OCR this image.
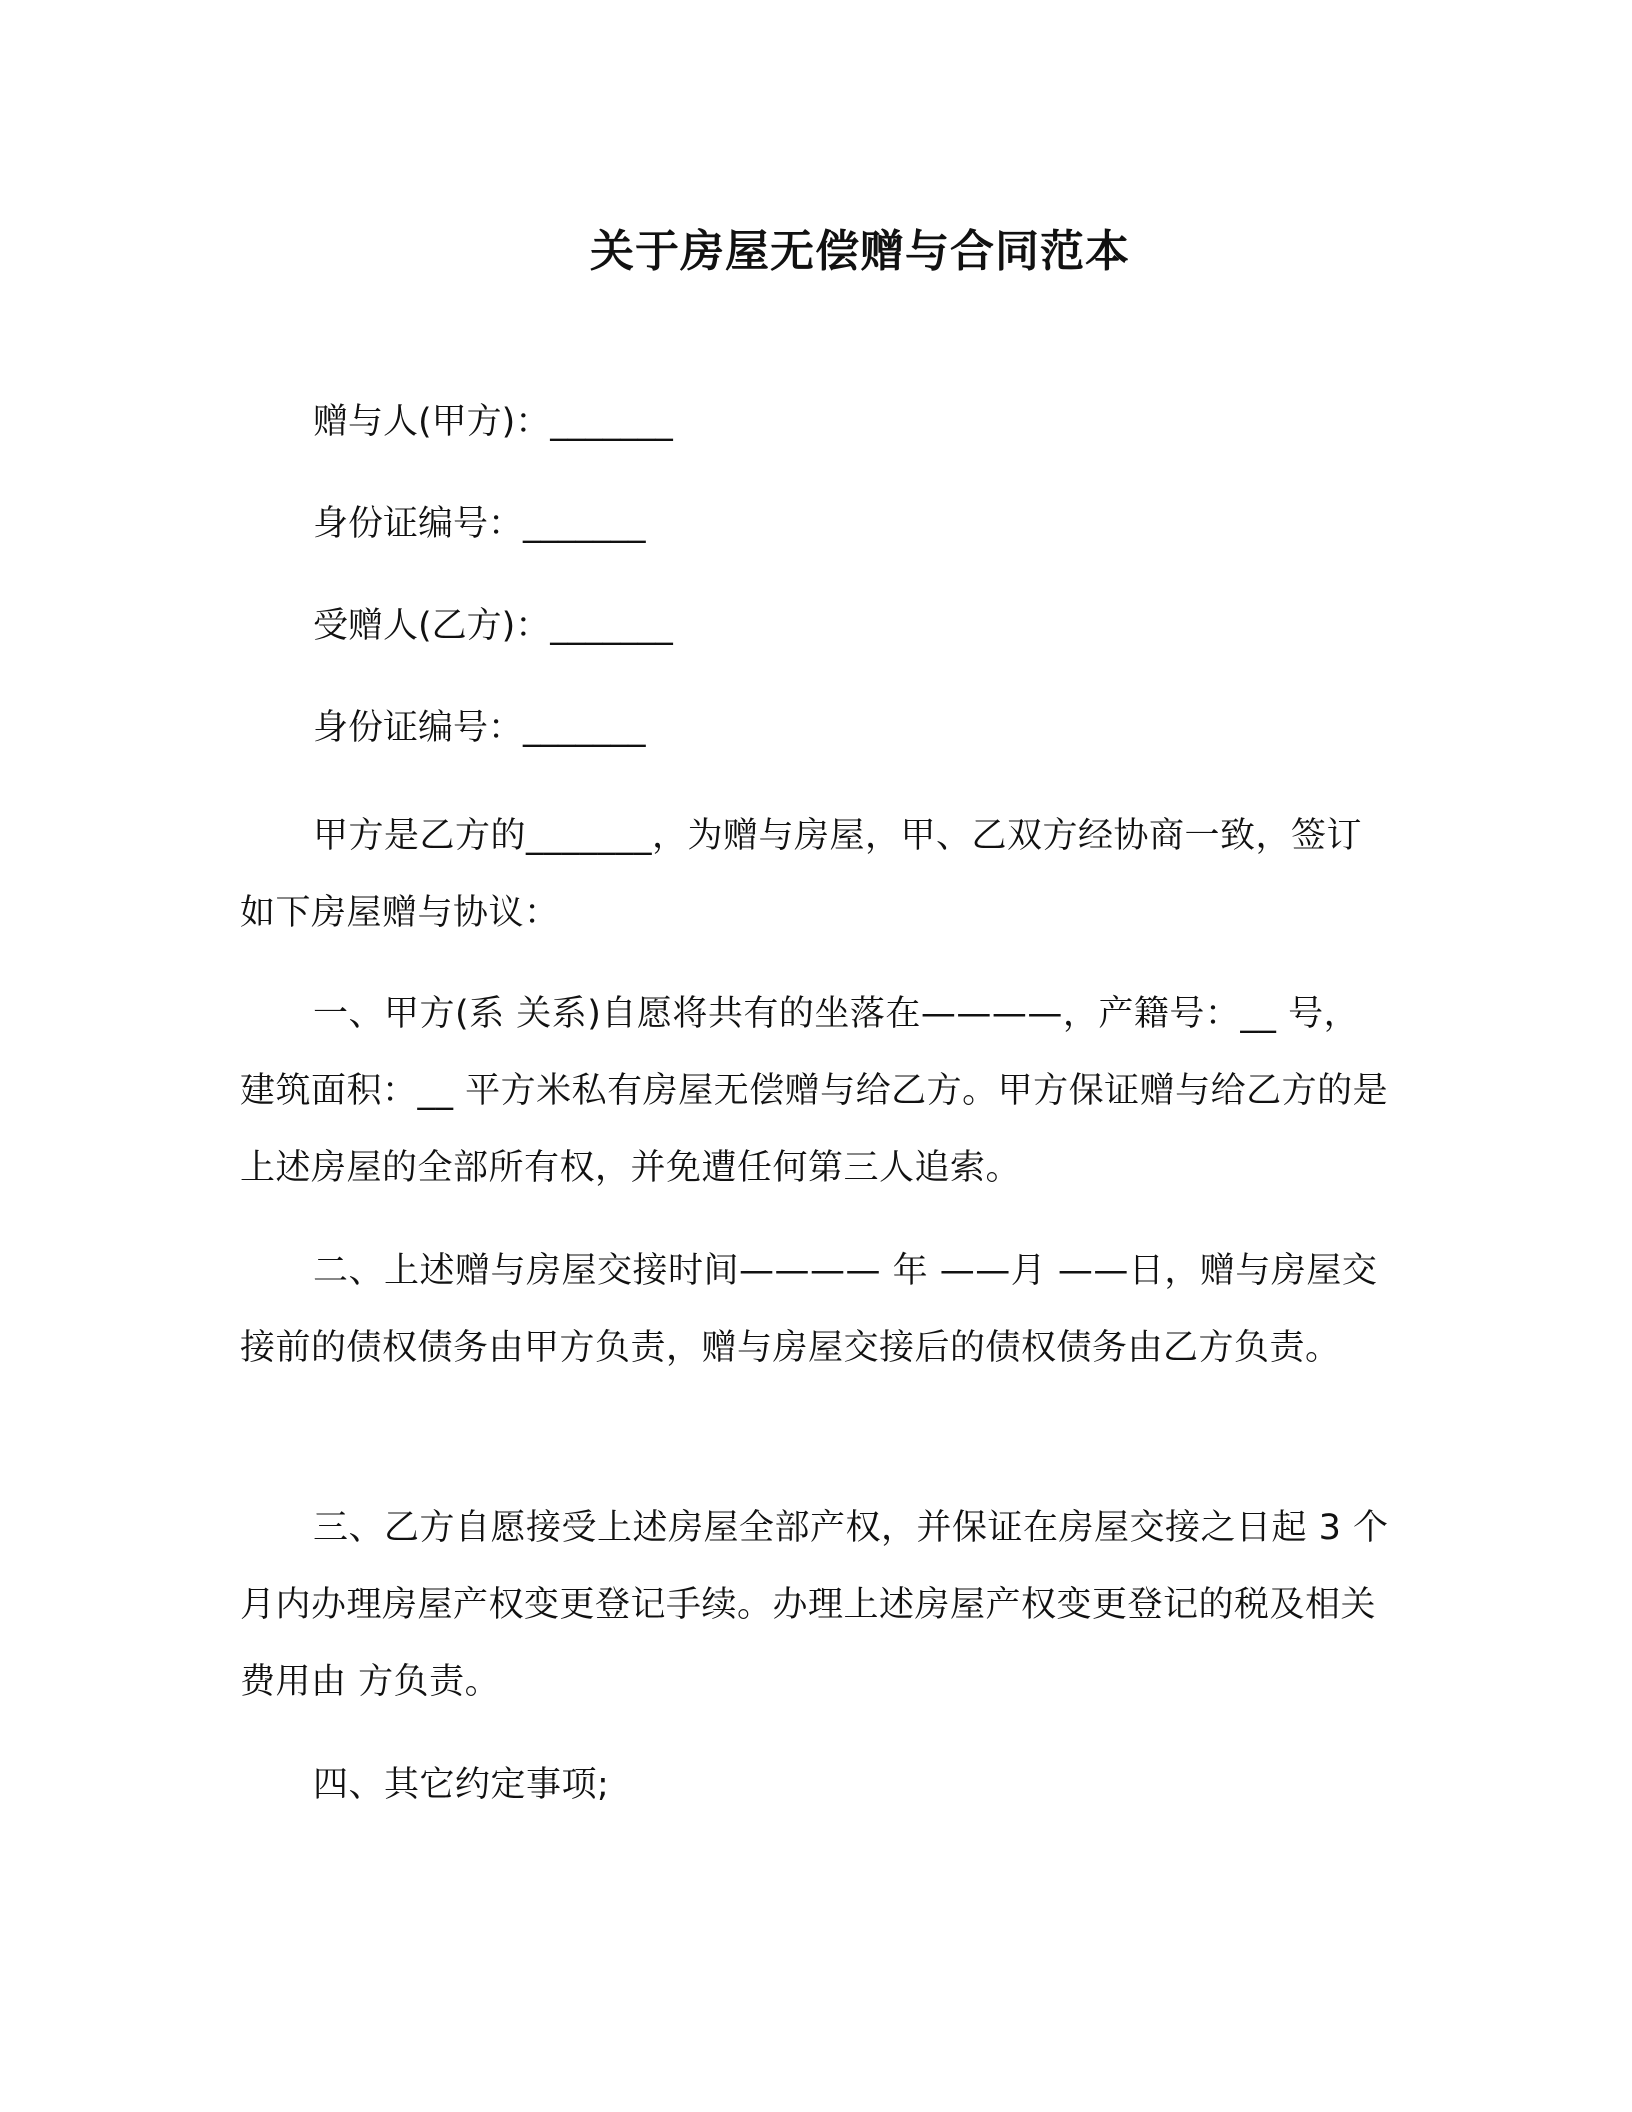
关于房屋无偿赠与合同范本
赠与人(甲方)：_______
身份证编号：_______
受赠人(乙方)：_______
身份证编号：_______

甲方是乙方的_______，为赠与房屋，甲、乙双方经协商一致，签订如下房屋赠与协议：

一、甲方(系 关系)自愿将共有的坐落在————，产籍号：__ 号，建筑面积：__ 平方米私有房屋无偿赠与给乙方。甲方保证赠与给乙方的是上述房屋的全部所有权，并免遭任何第三人追索。

二、上述赠与房屋交接时间———— 年 ——月 ——日，赠与房屋交接前的债权债务由甲方负责，赠与房屋交接后的债权债务由乙方负责。

三、乙方自愿接受上述房屋全部产权，并保证在房屋交接之日起 3 个月内办理房屋产权变更登记手续。办理上述房屋产权变更登记的税及相关费用由 方负责。

四、其它约定事项;
